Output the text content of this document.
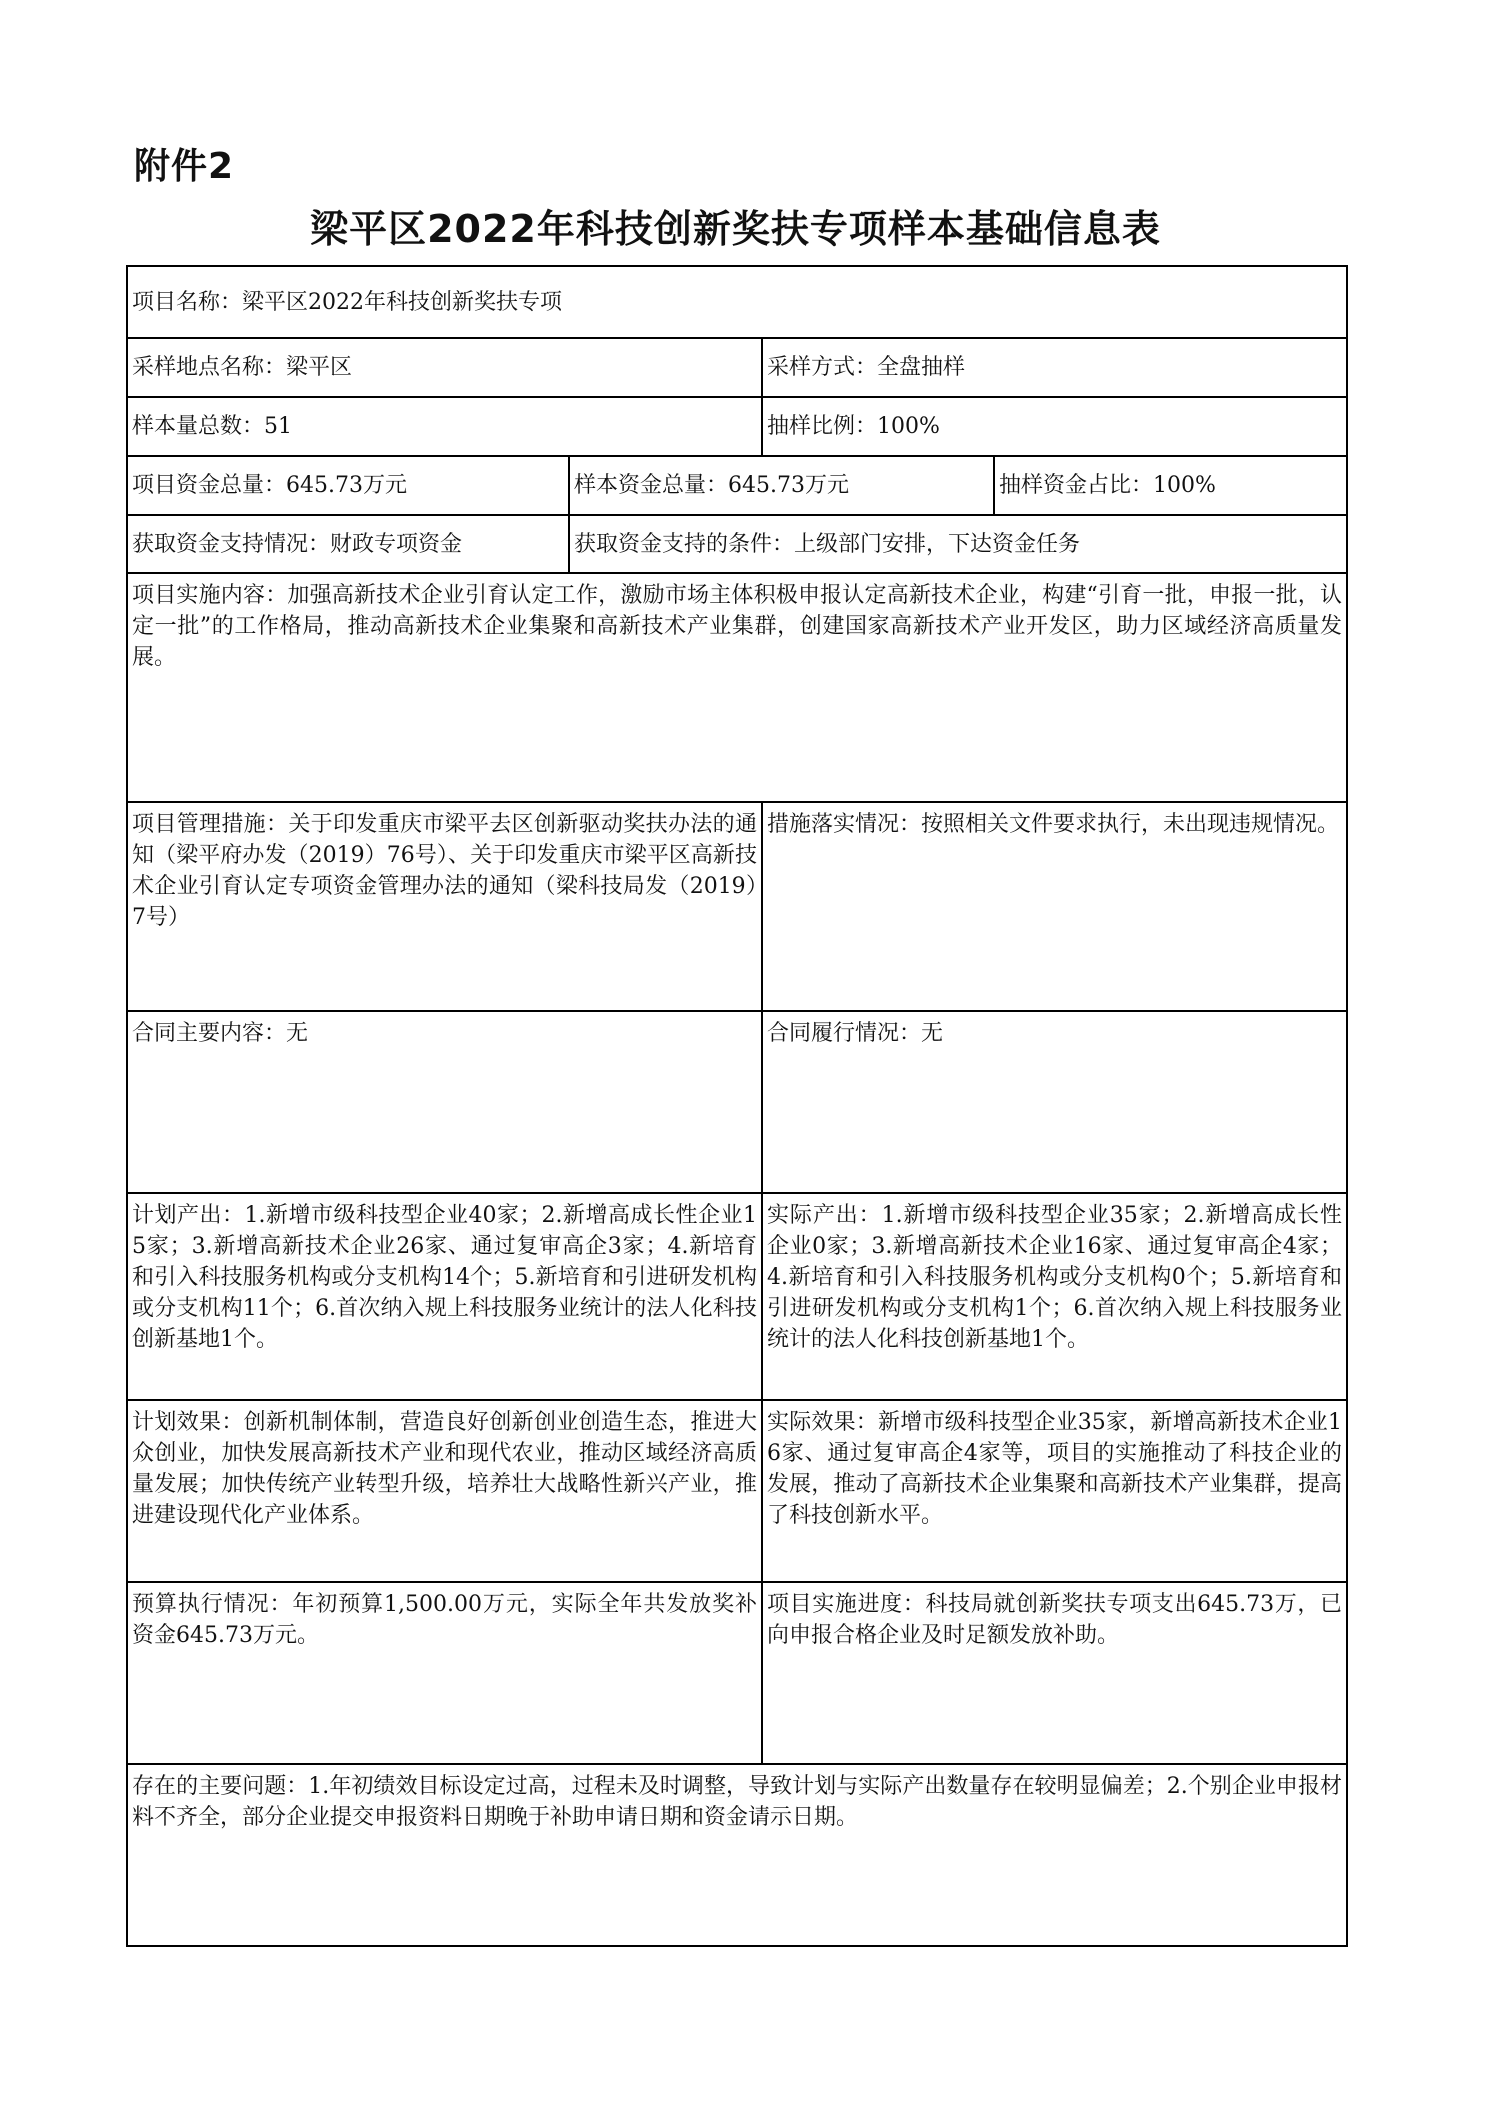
附件2
梁平区2022年科技创新奖扶专项样本基础信息表
项目名称：梁平区2022年科技创新奖扶专项			
采样地点名称：梁平区		采样方式：全盘抽样	
样本量总数：51		抽样比例：100%	
项目资金总量：645.73万元	样本资金总量：645.73万元		抽样资金占比：100%
获取资金支持情况：财政专项资金	获取资金支持的条件：上级部门安排，下达资金任务		
项目实施内容：加强高新技术企业引育认定工作，激励市场主体积极申报认定高新技术企业，构建“引育一批，申报一批，认定一批”的工作格局，推动高新技术企业集聚和高新技术产业集群，创建国家高新技术产业开发区，助力区域经济高质量发展。			
项目管理措施：关于印发重庆市梁平去区创新驱动奖扶办法的通知（梁平府办发（2019）76号）、关于印发重庆市梁平区高新技术企业引育认定专项资金管理办法的通知（梁科技局发（2019）7号）		措施落实情况：按照相关文件要求执行，未出现违规情况。	
合同主要内容：无		合同履行情况：无	
计划产出：1.新增市级科技型企业40家；2.新增高成长性企业15家；3.新增高新技术企业26家、通过复审高企3家；4.新培育和引入科技服务机构或分支机构14个；5.新培育和引进研发机构或分支机构11个；6.首次纳入规上科技服务业统计的法人化科技创新基地1个。		实际产出：1.新增市级科技型企业35家；2.新增高成长性企业0家；3.新增高新技术企业16家、通过复审高企4家；4.新培育和引入科技服务机构或分支机构0个；5.新培育和引进研发机构或分支机构1个；6.首次纳入规上科技服务业统计的法人化科技创新基地1个。	
计划效果：创新机制体制，营造良好创新创业创造生态，推进大众创业，加快发展高新技术产业和现代农业，推动区域经济高质量发展；加快传统产业转型升级，培养壮大战略性新兴产业，推进建设现代化产业体系。		实际效果：新增市级科技型企业35家，新增高新技术企业16家、通过复审高企4家等，项目的实施推动了科技企业的发展，推动了高新技术企业集聚和高新技术产业集群，提高了科技创新水平。	
预算执行情况：年初预算1,500.00万元，实际全年共发放奖补资金645.73万元。		项目实施进度：科技局就创新奖扶专项支出645.73万，已向申报合格企业及时足额发放补助。	
存在的主要问题：1.年初绩效目标设定过高，过程未及时调整，导致计划与实际产出数量存在较明显偏差；2.个别企业申报材料不齐全，部分企业提交申报资料日期晚于补助申请日期和资金请示日期。			
